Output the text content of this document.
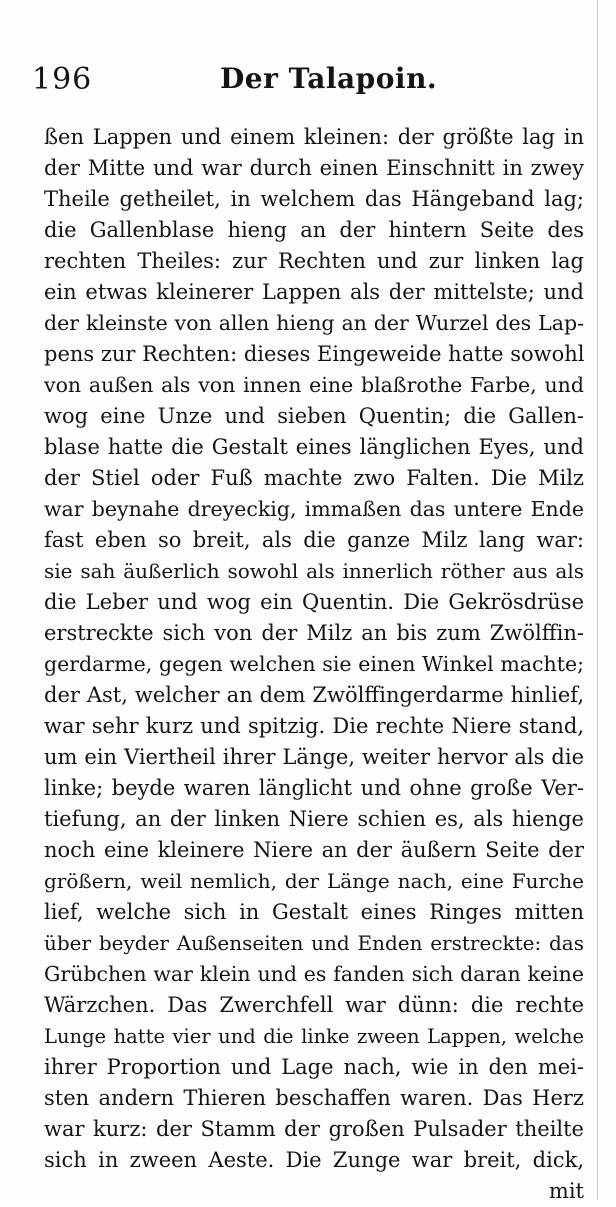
196	Der Talapoin.
ßen Lappen und einem kleinen: der größte lag in
der Mitte und war durch einen Einschnitt in zwey
Theile getheilet, in welchem das Hängeband lag;
die Gallenblase hieng an der hintern Seite des
rechten Theiles: zur Rechten und zur linken lag
ein etwas kleinerer Lappen als der mittelste; und
der kleinste von allen hieng an der Wurzel des Lap-
pens zur Rechten: dieses Eingeweide hatte sowohl
von außen als von innen eine blaßrothe Farbe, und
wog eine Unze und sieben Quentin; die Gallen-
blase hatte die Gestalt eines länglichen Eyes, und
der Stiel oder Fuß machte zwo Falten. Die Milz
war beynahe dreyeckig, immaßen das untere Ende
fast eben so breit, als die ganze Milz lang war:
sie sah äußerlich sowohl als innerlich röther aus als
die Leber und wog ein Quentin. Die Gekrösdrüse
erstreckte sich von der Milz an bis zum Zwölffin-
gerdarme, gegen welchen sie einen Winkel machte;
der Ast, welcher an dem Zwölffingerdarme hinlief,
war sehr kurz und spitzig. Die rechte Niere stand,
um ein Viertheil ihrer Länge, weiter hervor als die
linke; beyde waren länglicht und ohne große Ver-
tiefung, an der linken Niere schien es, als hienge
noch eine kleinere Niere an der äußern Seite der
größern, weil nemlich, der Länge nach, eine Furche
lief, welche sich in Gestalt eines Ringes mitten
über beyder Außenseiten und Enden erstreckte: das
Grübchen war klein und es fanden sich daran keine
Wärzchen. Das Zwerchfell war dünn: die rechte
Lunge hatte vier und die linke zween Lappen, welche
ihrer Proportion und Lage nach, wie in den mei-
sten andern Thieren beschaffen waren. Das Herz
war kurz: der Stamm der großen Pulsader theilte
sich in zween Aeste. Die Zunge war breit, dick,
mit
